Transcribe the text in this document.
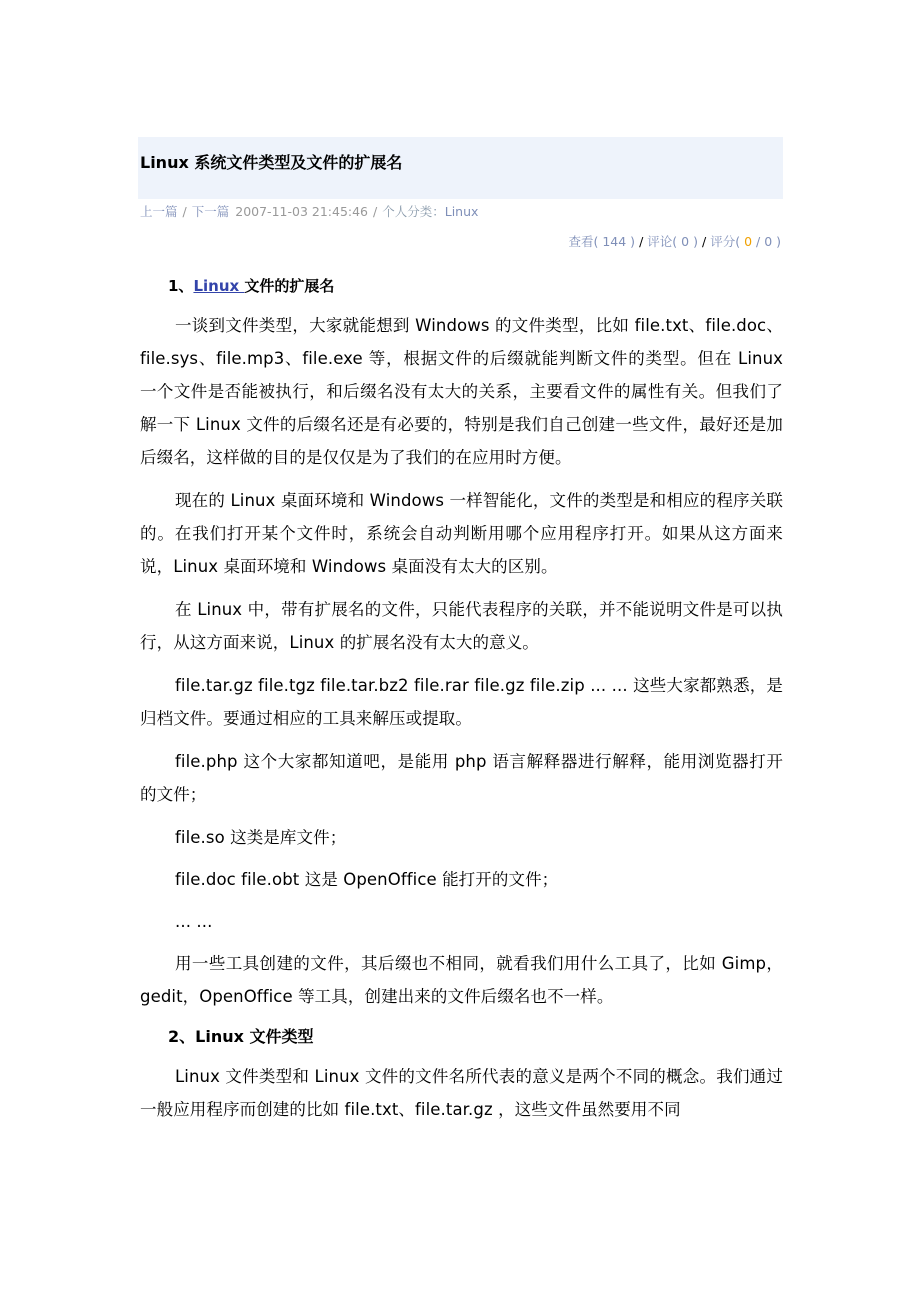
Linux 系统文件类型及文件的扩展名
上一篇 / 下一篇 2007-11-03 21:45:46 / 个人分类：Linux
查看( 144 ) / 评论( 0 ) / 评分( 0 / 0 )
1、Linux 文件的扩展名
一谈到文件类型，大家就能想到 Windows 的文件类型，比如 file.txt、file.doc、file.sys、file.mp3、file.exe 等，根据文件的后缀就能判断文件的类型。但在 Linux 一个文件是否能被执行，和后缀名没有太大的关系，主要看文件的属性有关。但我们了解一下 Linux 文件的后缀名还是有必要的，特别是我们自己创建一些文件，最好还是加后缀名，这样做的目的是仅仅是为了我们的在应用时方便。
现在的 Linux 桌面环境和 Windows 一样智能化，文件的类型是和相应的程序关联的。在我们打开某个文件时，系统会自动判断用哪个应用程序打开。如果从这方面来说，Linux 桌面环境和 Windows 桌面没有太大的区别。
在 Linux 中，带有扩展名的文件，只能代表程序的关联，并不能说明文件是可以执行，从这方面来说，Linux 的扩展名没有太大的意义。
file.tar.gz file.tgz file.tar.bz2 file.rar file.gz file.zip ... ... 这些大家都熟悉，是归档文件。要通过相应的工具来解压或提取。
file.php 这个大家都知道吧，是能用 php 语言解释器进行解释，能用浏览器打开的文件；
file.so 这类是库文件；
file.doc file.obt 这是 OpenOffice 能打开的文件；
... ...
用一些工具创建的文件，其后缀也不相同，就看我们用什么工具了，比如 Gimp，gedit，OpenOffice 等工具，创建出来的文件后缀名也不一样。
2、Linux 文件类型
Linux 文件类型和 Linux 文件的文件名所代表的意义是两个不同的概念。我们通过一般应用程序而创建的比如 file.txt、file.tar.gz ，这些文件虽然要用不同
